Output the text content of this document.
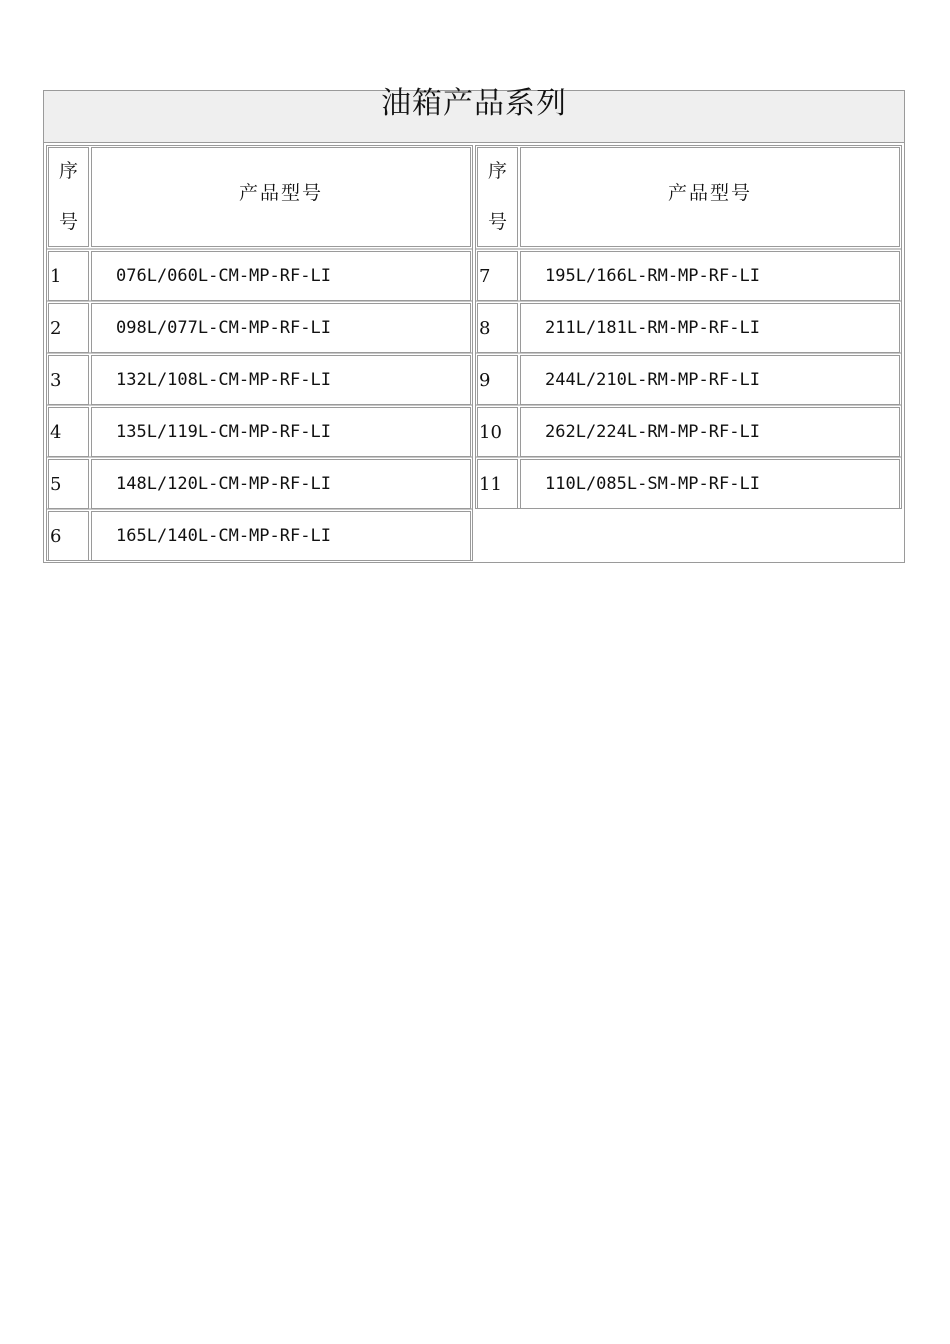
油箱产品系列
序
号
产品型号
1	076L/060L-CM-MP-RF-LI
2	098L/077L-CM-MP-RF-LI
3	132L/108L-CM-MP-RF-LI
4	135L/119L-CM-MP-RF-LI
5	148L/120L-CM-MP-RF-LI
6	165L/140L-CM-MP-RF-LI
序
号
产品型号
7	195L/166L-RM-MP-RF-LI
8	211L/181L-RM-MP-RF-LI
9	244L/210L-RM-MP-RF-LI
10	262L/224L-RM-MP-RF-LI
11	110L/085L-SM-MP-RF-LI
